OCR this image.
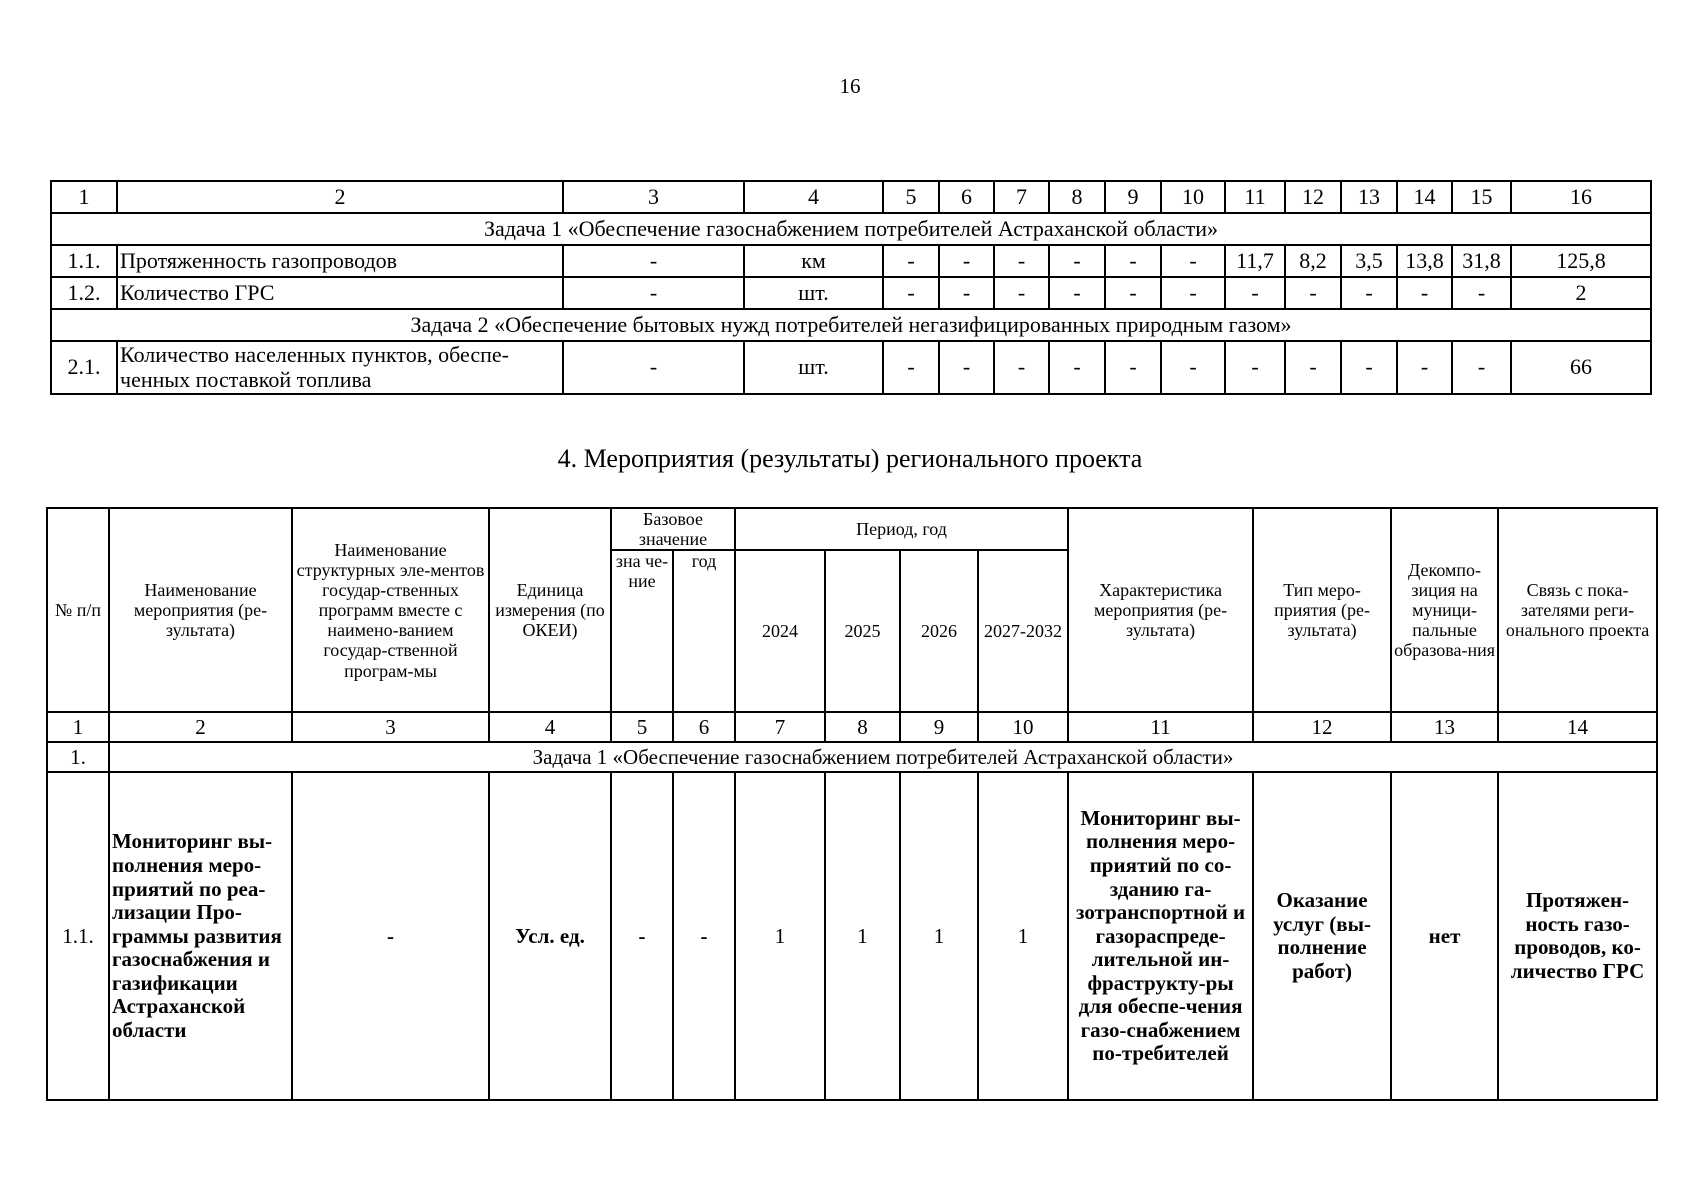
16
1	2	3	4	5	6	7	8	9	10	11	12	13	14	15	16
Задача 1 «Обеспечение газоснабжением потребителей Астраханской области»															
1.1.	Протяженность газопроводов	-	км	-	-	-	-	-	-	11,7	8,2	3,5	13,8	31,8	125,8
1.2.	Количество ГРС	-	шт.	-	-	-	-	-	-	-	-	-	-	-	2
Задача 2 «Обеспечение бытовых нужд потребителей негазифицированных природным газом»															
2.1.	Количество населенных пунктов, обеспе-ченных поставкой топлива	-	шт.	-	-	-	-	-	-	-	-	-	-	-	66
4. Мероприятия (результаты) регионального проекта
№ п/п	Наименование мероприятия (ре-зультата)	Наименование структурных эле-ментов государ-ственных программ вместе с наимено-ванием государ-ственной програм-мы	Единица измерения (по ОКЕИ)	Базовое значение		Период, год				Характеристика мероприятия (ре-зультата)	Тип меро-приятия (ре-зультата)	Декомпо-зиция на муници-пальные образова-ния	Связь с пока-зателями реги-онального проекта
				зна че-ние	год	2024	2025	2026	2027-2032				

1	2	3	4	5	6	7	8	9	10	11	12	13	14
1.	Задача 1 «Обеспечение газоснабжением потребителей Астраханской области»												
1.1.	Мониторинг вы-полнения меро-приятий по реа-лизации Про-граммы развития газоснабжения и газификации Астраханской области	-	Усл. ед.	-	-	1	1	1	1	Мониторинг вы-полнения меро-приятий по со-зданию га-зотранспортной и газораспреде-лительной ин-фраструкту-ры для обеспе-чения газо-снабжением по-требителей	Оказание услуг (вы-полнение работ)	нет	Протяжен-ность газо-проводов, ко-личество ГРС
